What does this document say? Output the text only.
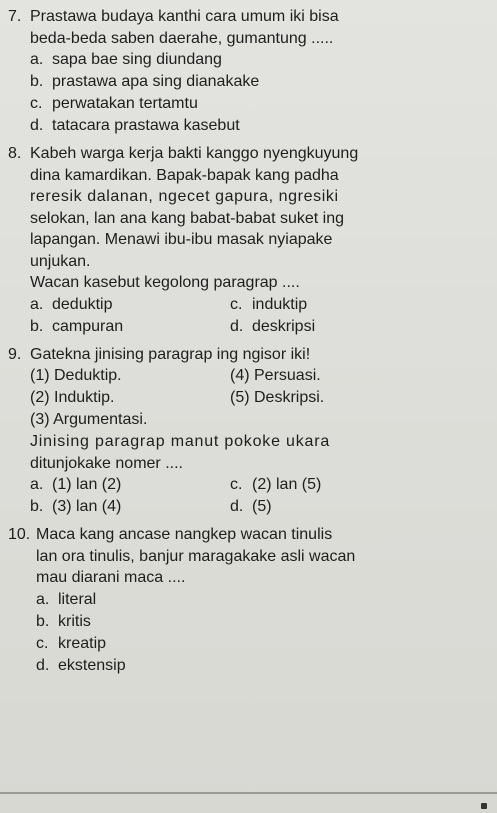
7. Prastawa budaya kanthi cara umum iki bisa
beda-beda saben daerahe, gumantung .....
a. sapa bae sing diundang
b. prastawa apa sing dianakake
c. perwatakan tertamtu
d. tatacara prastawa kasebut
8. Kabeh warga kerja bakti kanggo nyengkuyung
dina kamardikan. Bapak-bapak kang padha
reresik dalanan, ngecet gapura, ngresiki
selokan, lan ana kang babat-babat suket ing
lapangan. Menawi ibu-ibu masak nyiapake
unjukan.
Wacan kasebut kegolong paragrap ....
a. deduktip	c. induktip
b. campuran	d. deskripsi
9. Gatekna jinising paragrap ing ngisor iki!
(1) Deduktip.	(4) Persuasi.
(2) Induktip.	(5) Deskripsi.
(3) Argumentasi.
Jinising paragrap manut pokoke ukara
ditunjokake nomer ....
a. (1) lan (2)	c. (2) lan (5)
b. (3) lan (4)	d. (5)
10. Maca kang ancase nangkep wacan tinulis
lan ora tinulis, banjur maragakake asli wacan
mau diarani maca ....
a. literal
b. kritis
c. kreatip
d. ekstensip
